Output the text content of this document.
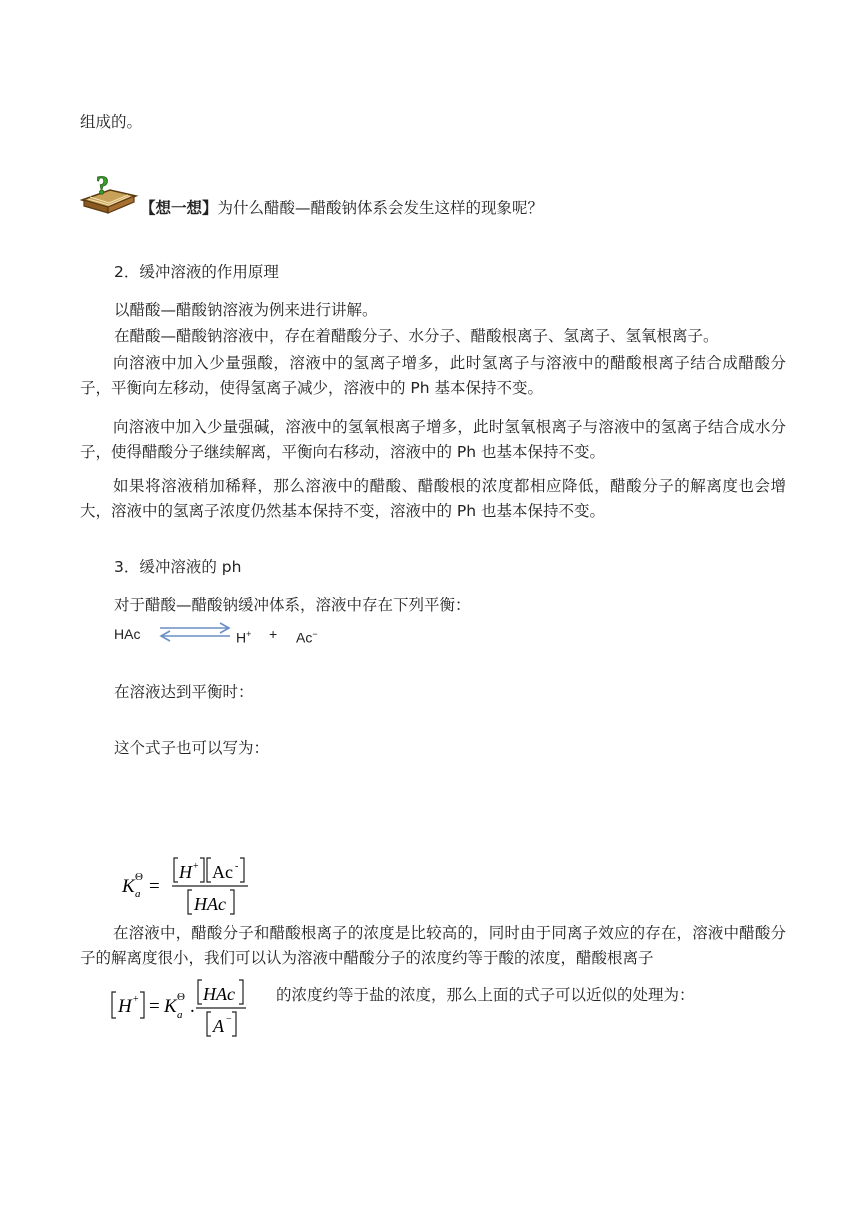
组成的。
?
【想一想】为什么醋酸—醋酸钠体系会发生这样的现象呢？
2．缓冲溶液的作用原理
以醋酸—醋酸钠溶液为例来进行讲解。
在醋酸—醋酸钠溶液中，存在着醋酸分子、水分子、醋酸根离子、氢离子、氢氧根离子。
向溶液中加入少量强酸，溶液中的氢离子增多，此时氢离子与溶液中的醋酸根离子结合成醋酸分子，平衡向左移动，使得氢离子减少，溶液中的 Ph 基本保持不变。
向溶液中加入少量强碱，溶液中的氢氧根离子增多，此时氢氧根离子与溶液中的氢离子结合成水分子，使得醋酸分子继续解离，平衡向右移动，溶液中的 Ph 也基本保持不变。
如果将溶液稍加稀释，那么溶液中的醋酸、醋酸根的浓度都相应降低，醋酸分子的解离度也会增大，溶液中的氢离子浓度仍然基本保持不变，溶液中的 Ph 也基本保持不变。
3．缓冲溶液的 ph
对于醋酸—醋酸钠缓冲体系，溶液中存在下列平衡：
HAc	H+ + Ac−
在溶液达到平衡时：
这个式子也可以写为：
K a
Θ =
H + Ac -
HAc
在溶液中，醋酸分子和醋酸根离子的浓度是比较高的，同时由于同离子效应的存在，溶液中醋酸分子的解离度很小，我们可以认为溶液中醋酸分子的浓度约等于酸的浓度，醋酸根离子
H + = K a
Θ .
HAc
A −
的浓度约等于盐的浓度，那么上面的式子可以近似的处理为：
